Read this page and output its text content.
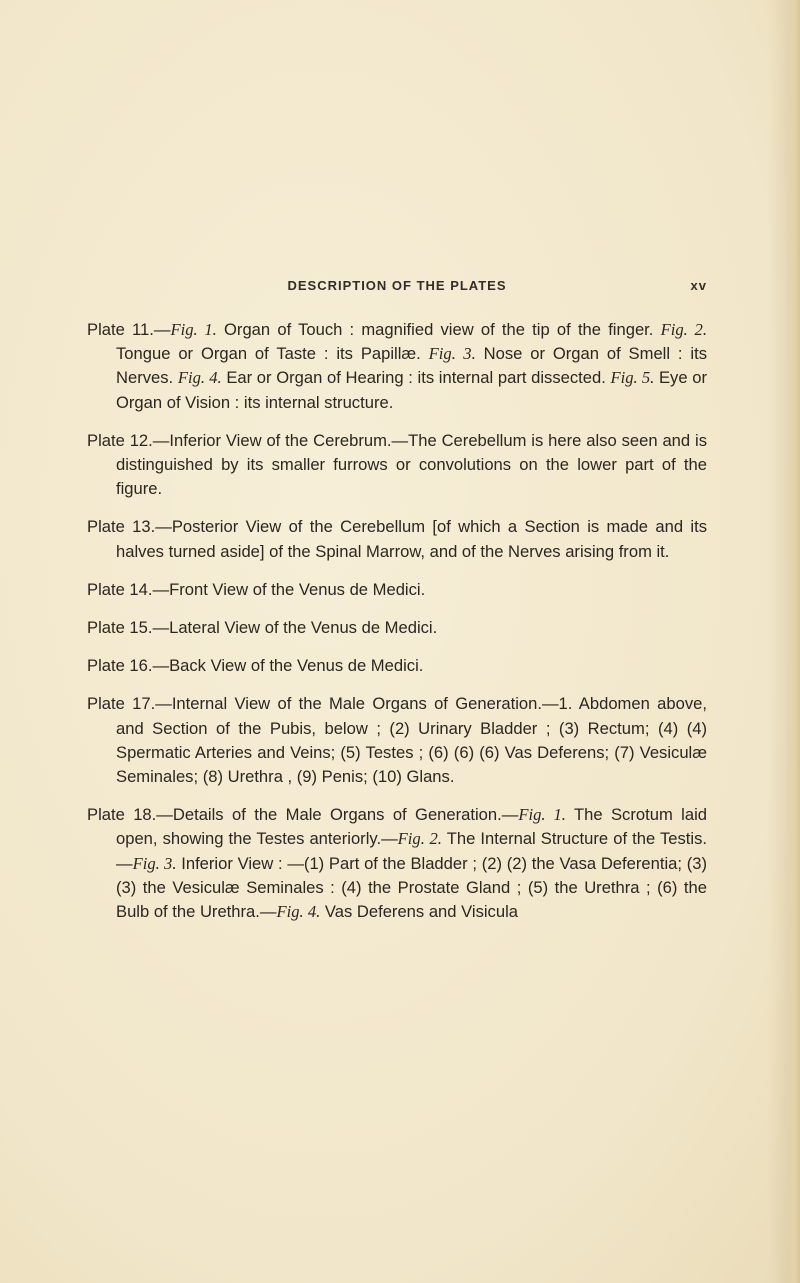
DESCRIPTION OF THE PLATES	xv

Plate 11.—Fig. 1. Organ of Touch : magnified view of the tip of the finger. Fig. 2. Tongue or Organ of Taste : its Papillæ. Fig. 3. Nose or Organ of Smell : its Nerves. Fig. 4. Ear or Organ of Hearing : its internal part dissected. Fig. 5. Eye or Organ of Vision : its internal structure.

Plate 12.—Inferior View of the Cerebrum.—The Cerebellum is here also seen and is distinguished by its smaller furrows or convolutions on the lower part of the figure.

Plate 13.—Posterior View of the Cerebellum [of which a Section is made and its halves turned aside] of the Spinal Marrow, and of the Nerves arising from it.

Plate 14.—Front View of the Venus de Medici.

Plate 15.—Lateral View of the Venus de Medici.

Plate 16.—Back View of the Venus de Medici.

Plate 17.—Internal View of the Male Organs of Generation.—1. Abdomen above, and Section of the Pubis, below ; (2) Urinary Bladder ; (3) Rectum; (4) (4) Spermatic Arteries and Veins; (5) Testes ; (6) (6) (6) Vas Deferens; (7) Vesiculæ Seminales; (8) Urethra , (9) Penis; (10) Glans.

Plate 18.—Details of the Male Organs of Generation.—Fig. 1. The Scrotum laid open, showing the Testes anteriorly.—Fig. 2. The Internal Structure of the Testis.—Fig. 3. Inferior View : —(1) Part of the Bladder ; (2) (2) the Vasa Deferentia; (3) (3) the Vesiculæ Seminales : (4) the Prostate Gland ; (5) the Urethra ; (6) the Bulb of the Urethra.—Fig. 4. Vas Deferens and Visicula
